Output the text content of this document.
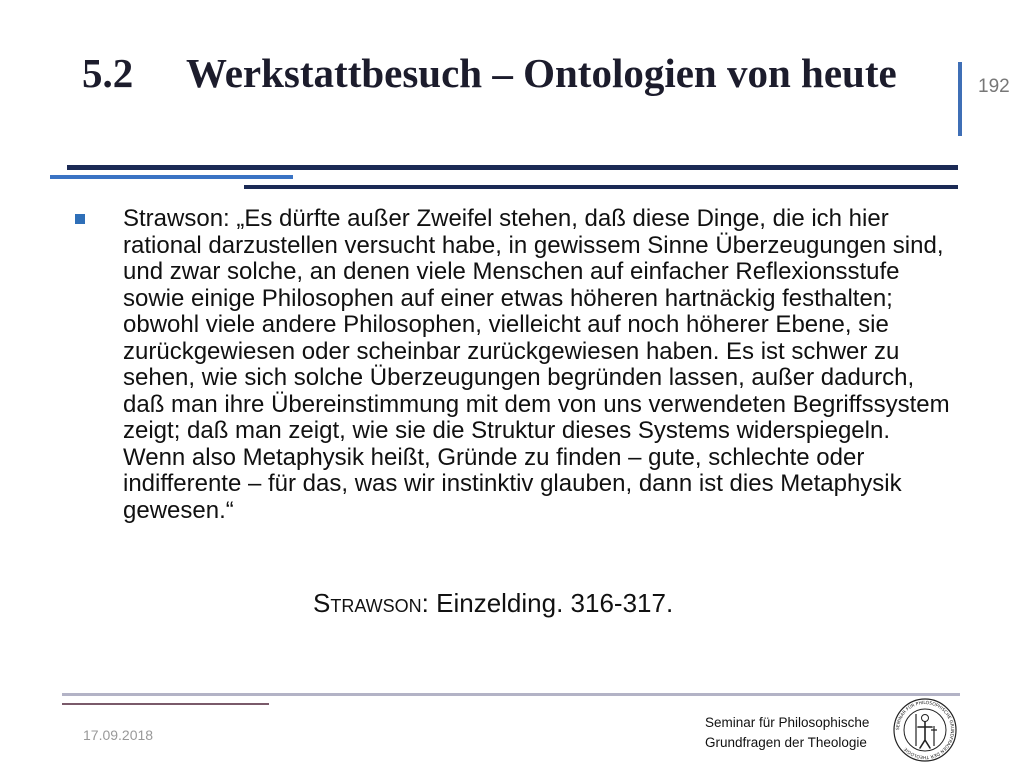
5.2 Werkstattbesuch – Ontologien von heute	192
Strawson: „Es dürfte außer Zweifel stehen, daß diese Dinge, die ich hier rational darzustellen versucht habe, in gewissem Sinne Überzeugungen sind, und zwar solche, an denen viele Menschen auf einfacher Reflexionsstufe sowie einige Philosophen auf einer etwas höheren hartnäckig festhalten; obwohl viele andere Philosophen, vielleicht auf noch höherer Ebene, sie zurückgewiesen oder scheinbar zurückgewiesen haben. Es ist schwer zu sehen, wie sich solche Überzeugungen begründen lassen, außer dadurch, daß man ihre Übereinstimmung mit dem von uns verwendeten Begriffssystem zeigt; daß man zeigt, wie sie die Struktur dieses Systems widerspiegeln. Wenn also Metaphysik heißt, Gründe zu finden – gute, schlechte oder indifferente – für das, was wir instinktiv glauben, dann ist dies Metaphysik gewesen.“
Strawson: Einzelding. 316-317.
17.09.2018
Seminar für Philosophische
Grundfragen der Theologie
SEMINAR FÜR PHILOSOPHISCHE GRUNDFRAGEN DER THEOLOGIE
